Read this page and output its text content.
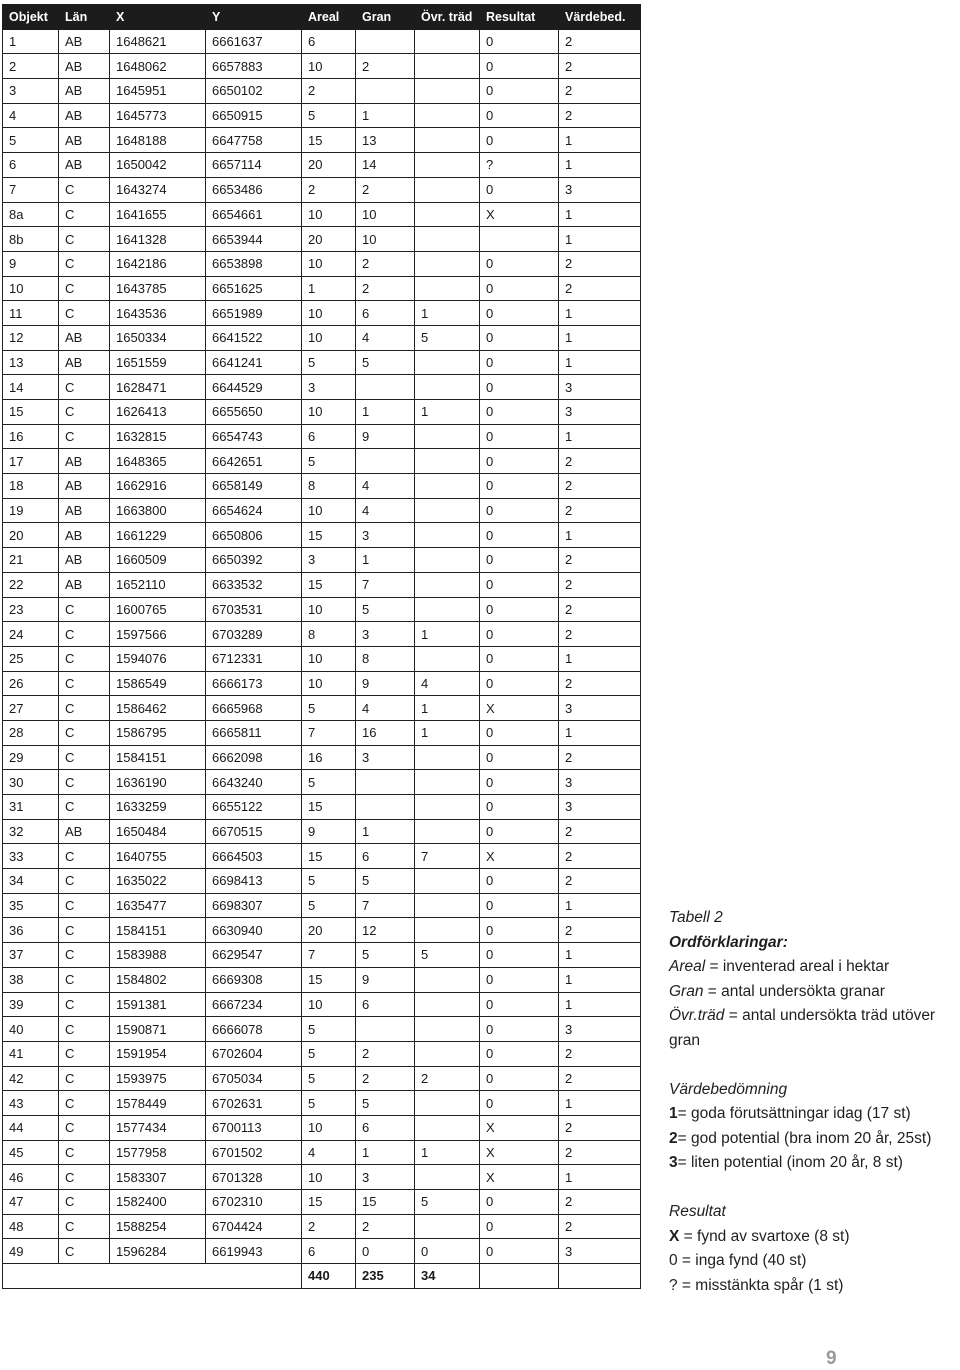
Objekt	Län	X	Y	Areal	Gran	Övr. träd	Resultat	Värdebed.
1	AB	1648621	6661637	6			0	2
2	AB	1648062	6657883	10	2		0	2
3	AB	1645951	6650102	2			0	2
4	AB	1645773	6650915	5	1		0	2
5	AB	1648188	6647758	15	13		0	1
6	AB	1650042	6657114	20	14		?	1
7	C	1643274	6653486	2	2		0	3
8a	C	1641655	6654661	10	10		X	1
8b	C	1641328	6653944	20	10			1
9	C	1642186	6653898	10	2		0	2
10	C	1643785	6651625	1	2		0	2
11	C	1643536	6651989	10	6	1	0	1
12	AB	1650334	6641522	10	4	5	0	1
13	AB	1651559	6641241	5	5		0	1
14	C	1628471	6644529	3			0	3
15	C	1626413	6655650	10	1	1	0	3
16	C	1632815	6654743	6	9		0	1
17	AB	1648365	6642651	5			0	2
18	AB	1662916	6658149	8	4		0	2
19	AB	1663800	6654624	10	4		0	2
20	AB	1661229	6650806	15	3		0	1
21	AB	1660509	6650392	3	1		0	2
22	AB	1652110	6633532	15	7		0	2
23	C	1600765	6703531	10	5		0	2
24	C	1597566	6703289	8	3	1	0	2
25	C	1594076	6712331	10	8		0	1
26	C	1586549	6666173	10	9	4	0	2
27	C	1586462	6665968	5	4	1	X	3
28	C	1586795	6665811	7	16	1	0	1
29	C	1584151	6662098	16	3		0	2
30	C	1636190	6643240	5			0	3
31	C	1633259	6655122	15			0	3
32	AB	1650484	6670515	9	1		0	2
33	C	1640755	6664503	15	6	7	X	2
34	C	1635022	6698413	5	5		0	2
35	C	1635477	6698307	5	7		0	1
36	C	1584151	6630940	20	12		0	2
37	C	1583988	6629547	7	5	5	0	1
38	C	1584802	6669308	15	9		0	1
39	C	1591381	6667234	10	6		0	1
40	C	1590871	6666078	5			0	3
41	C	1591954	6702604	5	2		0	2
42	C	1593975	6705034	5	2	2	0	2
43	C	1578449	6702631	5	5		0	1
44	C	1577434	6700113	10	6		X	2
45	C	1577958	6701502	4	1	1	X	2
46	C	1583307	6701328	10	3		X	1
47	C	1582400	6702310	15	15	5	0	2
48	C	1588254	6704424	2	2		0	2
49	C	1596284	6619943	6	0	0	0	3
				440	235	34		

Tabell 2

Ordförklaringar:

Areal = inventerad areal i hektar

Gran = antal undersökta granar

Övr.träd = antal undersökta träd utöver gran

Värdebedömning

1= goda förutsättningar idag (17 st)

2= god potential (bra inom 20 år, 25st)

3= liten potential (inom 20 år, 8 st)

Resultat

X = fynd av svartoxe (8 st)

0 = inga fynd (40 st)

? = misstänkta spår (1 st)

9
